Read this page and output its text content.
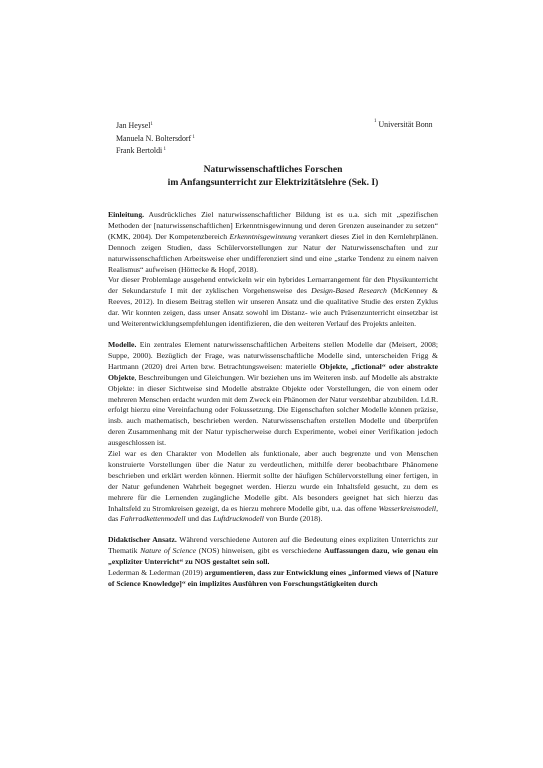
Jan Heysel$^1$
Manuela N. Boltersdorf $^1$
Frank Bertoldi $^1$
$^1$ Universität Bonn
Naturwissenschaftliches Forschen
im Anfangsunterricht zur Elektrizitätslehre (Sek. I)

Einleitung. Ausdrückliches Ziel naturwissenschaftlicher Bildung ist es u.a. sich mit „spezifischen Methoden der [naturwissenschaftlichen] Erkenntnisgewinnung und deren Grenzen auseinander zu setzen“ (KMK, 2004). Der Kompetenzbereich Erkenntnisgewinnung verankert dieses Ziel in den Kernlehrplänen. Dennoch zeigen Studien, dass Schülervorstellungen zur Natur der Naturwissenschaften und zur naturwissenschaftlichen Arbeitsweise eher undifferenziert sind und eine „starke Tendenz zu einem naiven Realismus“ aufweisen (Höttecke & Hopf, 2018).

Vor dieser Problemlage ausgehend entwickeln wir ein hybrides Lernarrangement für den Physikunterricht der Sekundarstufe I mit der zyklischen Vorgehensweise des Design-Based Research (McKenney & Reeves, 2012). In diesem Beitrag stellen wir unseren Ansatz und die qualitative Studie des ersten Zyklus dar. Wir konnten zeigen, dass unser Ansatz sowohl im Distanz- wie auch Präsenzunterricht einsetzbar ist und Weiterentwicklungsempfehlungen identifizieren, die den weiteren Verlauf des Projekts anleiten.

Modelle. Ein zentrales Element naturwissenschaftlichen Arbeitens stellen Modelle dar (Meisert, 2008; Suppe, 2000). Bezüglich der Frage, was naturwissenschaftliche Modelle sind, unterscheiden Frigg & Hartmann (2020) drei Arten bzw. Betrachtungsweisen: materielle Objekte, „fictional“ oder abstrakte Objekte, Beschreibungen und Gleichungen. Wir beziehen uns im Weiteren insb. auf Modelle als abstrakte Objekte: in dieser Sichtweise sind Modelle abstrakte Objekte oder Vorstellungen, die von einem oder mehreren Menschen erdacht wurden mit dem Zweck ein Phänomen der Natur verstehbar abzubilden. I.d.R. erfolgt hierzu eine Vereinfachung oder Fokussetzung. Die Eigenschaften solcher Modelle können präzise, insb. auch mathematisch, beschrieben werden. Naturwissenschaften erstellen Modelle und überprüfen deren Zusammenhang mit der Natur typischerweise durch Experimente, wobei einer Verifikation jedoch ausgeschlossen ist.

Ziel war es den Charakter von Modellen als funktionale, aber auch begrenzte und von Menschen konstruierte Vorstellungen über die Natur zu verdeutlichen, mithilfe derer beobachtbare Phänomene beschrieben und erklärt werden können. Hiermit sollte der häufigen Schülervorstellung einer fertigen, in der Natur gefundenen Wahrheit begegnet werden. Hierzu wurde ein Inhaltsfeld gesucht, zu dem es mehrere für die Lernenden zugängliche Modelle gibt. Als besonders geeignet hat sich hierzu das Inhaltsfeld zu Stromkreisen gezeigt, da es hierzu mehrere Modelle gibt, u.a. das offene Wasserkreismodell, das Fahrradkettenmodell und das Luftdruckmodell von Burde (2018).

Didaktischer Ansatz. Während verschiedene Autoren auf die Bedeutung eines expliziten Unterrichts zur Thematik Nature of Science (NOS) hinweisen, gibt es verschiedene Auffassungen dazu, wie genau ein „expliziter Unterricht“ zu NOS gestaltet sein soll.

Lederman & Lederman (2019) argumentieren, dass zur Entwicklung eines „informed views of [Nature of Science Knowledge]“ ein implizites Ausführen von Forschungstätigkeiten durch
